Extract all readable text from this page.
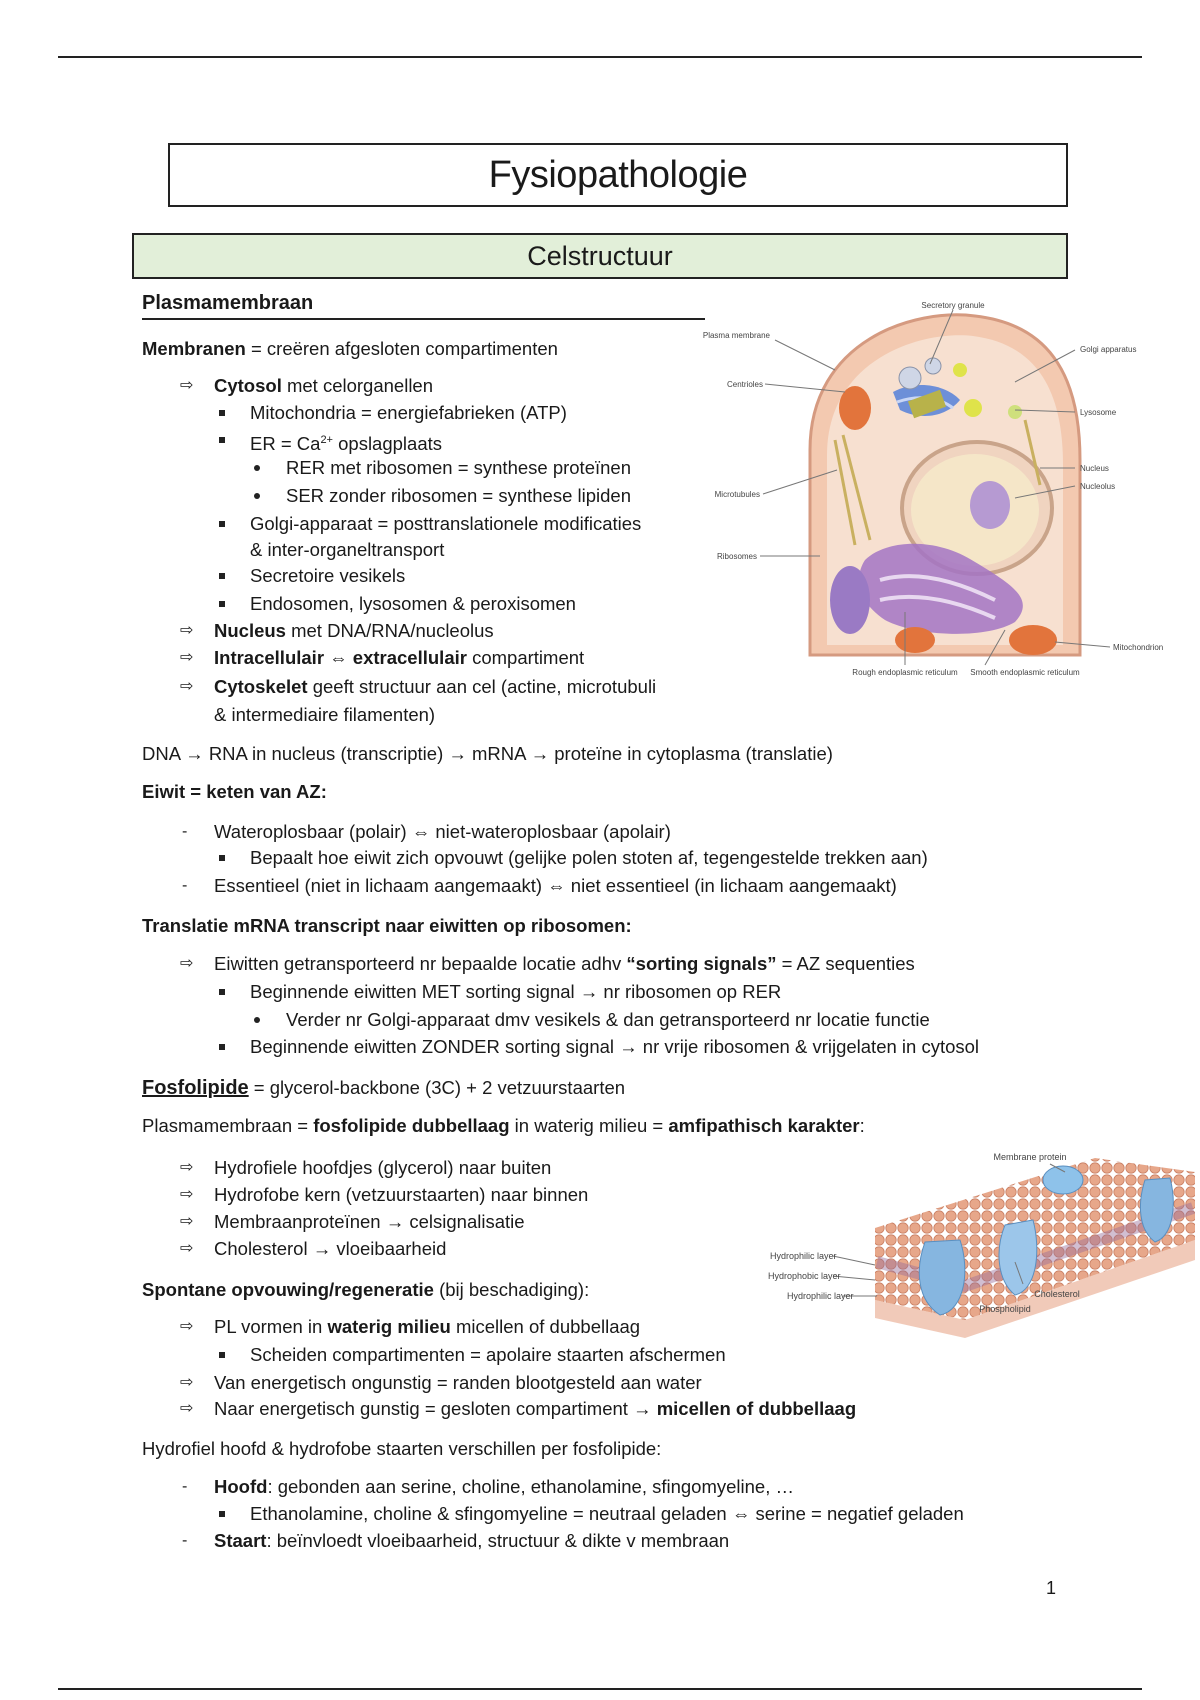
Fysiopathologie
Celstructuur
Plasmamembraan
Membranen = creëren afgesloten compartimenten
⇨ Cytosol met celorganellen
Mitochondria = energiefabrieken (ATP)
ER = $Ca^{2+}$ opslagplaats
RER met ribosomen = synthese proteïnen
SER zonder ribosomen = synthese lipiden
Golgi-apparaat = posttranslationele modificaties
& inter-organeltransport
Secretoire vesikels
Endosomen, lysosomen & peroxisomen
⇨ Nucleus met DNA/RNA/nucleolus
⇨ Intracellulair ⇔ extracellulair compartiment
⇨ Cytoskelet geeft structuur aan cel (actine, microtubuli
& intermediaire filamenten)
Secretory granule
Plasma membrane
Golgi apparatus
Centrioles
Lysosome
Nucleus
Microtubules
Nucleolus
Ribosomes
Mitochondrion
Rough endoplasmic reticulum Smooth endoplasmic reticulum
DNA → RNA in nucleus (transcriptie) → mRNA → proteïne in cytoplasma (translatie)
Eiwit = keten van AZ:
- Wateroplosbaar (polair) ⇔ niet-wateroplosbaar (apolair)
Bepaalt hoe eiwit zich opvouwt (gelijke polen stoten af, tegengestelde trekken aan)
- Essentieel (niet in lichaam aangemaakt) ⇔ niet essentieel (in lichaam aangemaakt)
Translatie mRNA transcript naar eiwitten op ribosomen:
⇨ Eiwitten getransporteerd nr bepaalde locatie adhv “sorting signals” = AZ sequenties
Beginnende eiwitten MET sorting signal → nr ribosomen op RER
Verder nr Golgi-apparaat dmv vesikels & dan getransporteerd nr locatie functie
Beginnende eiwitten ZONDER sorting signal → nr vrije ribosomen & vrijgelaten in cytosol
Fosfolipide = glycerol-backbone (3C) + 2 vetzuurstaarten
Plasmamembraan = fosfolipide dubbellaag in waterig milieu = amfipathisch karakter:
⇨ Hydrofiele hoofdjes (glycerol) naar buiten
⇨ Hydrofobe kern (vetzuurstaarten) naar binnen
⇨ Membraanproteïnen → celsignalisatie
⇨ Cholesterol → vloeibaarheid
Spontane opvouwing/regeneratie (bij beschadiging):
⇨ PL vormen in waterig milieu micellen of dubbellaag
Scheiden compartimenten = apolaire staarten afschermen
⇨ Van energetisch ongunstig = randen blootgesteld aan water
⇨ Naar energetisch gunstig = gesloten compartiment → micellen of dubbellaag
Hydrofiel hoofd & hydrofobe staarten verschillen per fosfolipide:
- Hoofd: gebonden aan serine, choline, ethanolamine, sfingomyeline, …
Ethanolamine, choline & sfingomyeline = neutraal geladen ⇔ serine = negatief geladen
- Staart: beïnvloedt vloeibaarheid, structuur & dikte v membraan
Membrane protein
Hydrophilic layer
Hydrophobic layer
Hydrophilic layer	Cholesterol
Phospholipid
1
